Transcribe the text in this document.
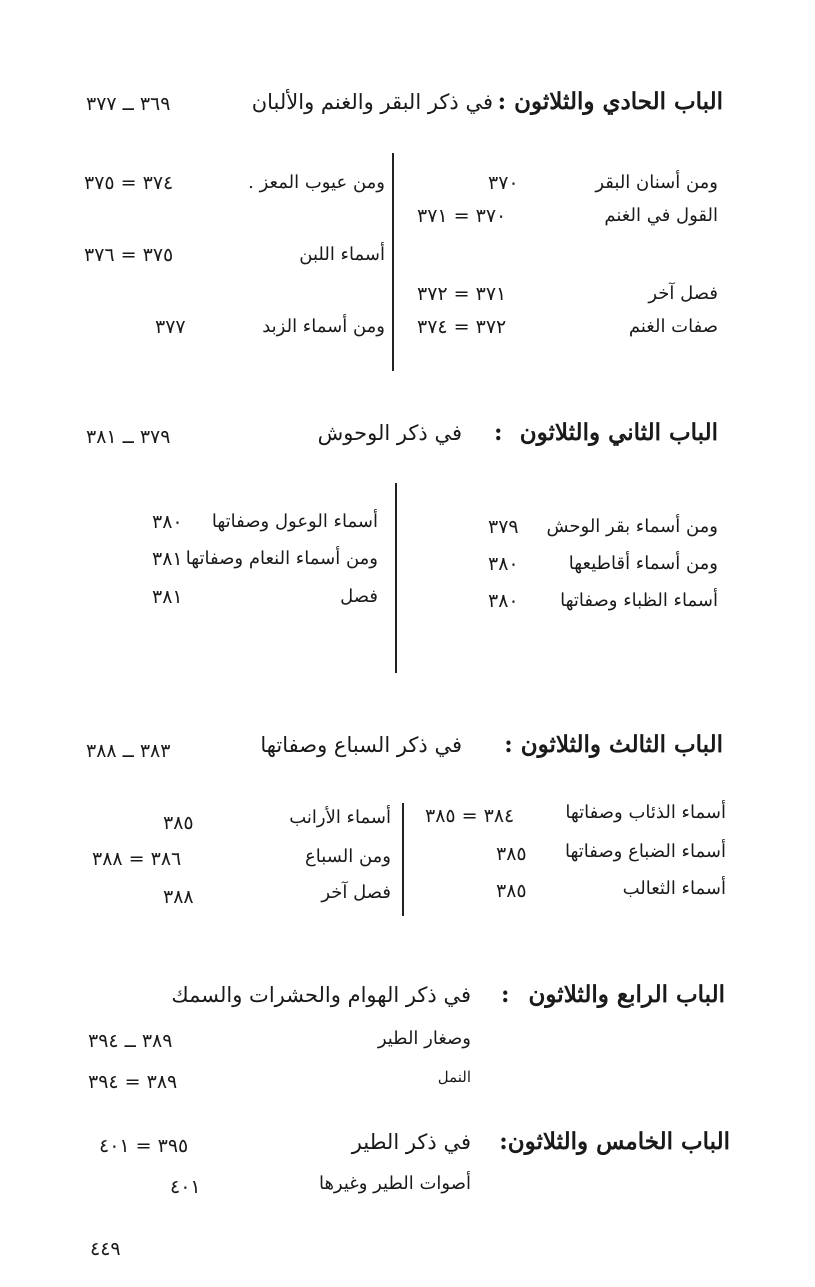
الباب الحادي والثلاثون :
في ذكر البقر والغنم والألبان
٣٦٩ ــ ٣٧٧
ومن أسنان البقر
٣٧٠
القول في الغنم
٣٧٠ = ٣٧١
فصل آخر
٣٧١ = ٣٧٢
صفات الغنم
٣٧٢ = ٣٧٤
ومن عيوب المعز .
٣٧٤ = ٣٧٥
أسماء اللبن
٣٧٥ = ٣٧٦
ومن أسماء الزبد
٣٧٧
الباب الثاني والثلاثون
:
في ذكر الوحوش
٣٧٩ ــ ٣٨١
ومن أسماء بقر الوحش
٣٧٩
ومن أسماء أقاطيعها
٣٨٠
أسماء الظباء وصفاتها
٣٨٠
أسماء الوعول وصفاتها
٣٨٠
ومن أسماء النعام وصفاتها
٣٨١
فصل
٣٨١
الباب الثالث والثلاثون :
في ذكر السباع وصفاتها
٣٨٣ ــ ٣٨٨
أسماء الذئاب وصفاتها
٣٨٤ = ٣٨٥
أسماء الضباع وصفاتها
٣٨٥
أسماء الثعالب
٣٨٥
أسماء الأرانب
٣٨٥
ومن السباع
٣٨٦ = ٣٨٨
فصل آخر
٣٨٨
الباب الرابع والثلاثون
:
في ذكر الهوام والحشرات والسمك
وصغار الطير
٣٨٩ ــ ٣٩٤
النمل
٣٨٩ = ٣٩٤
الباب الخامس والثلاثون:
في ذكر الطير
٣٩٥ = ٤٠١
أصوات الطير وغيرها
٤٠١
٤٤٩
